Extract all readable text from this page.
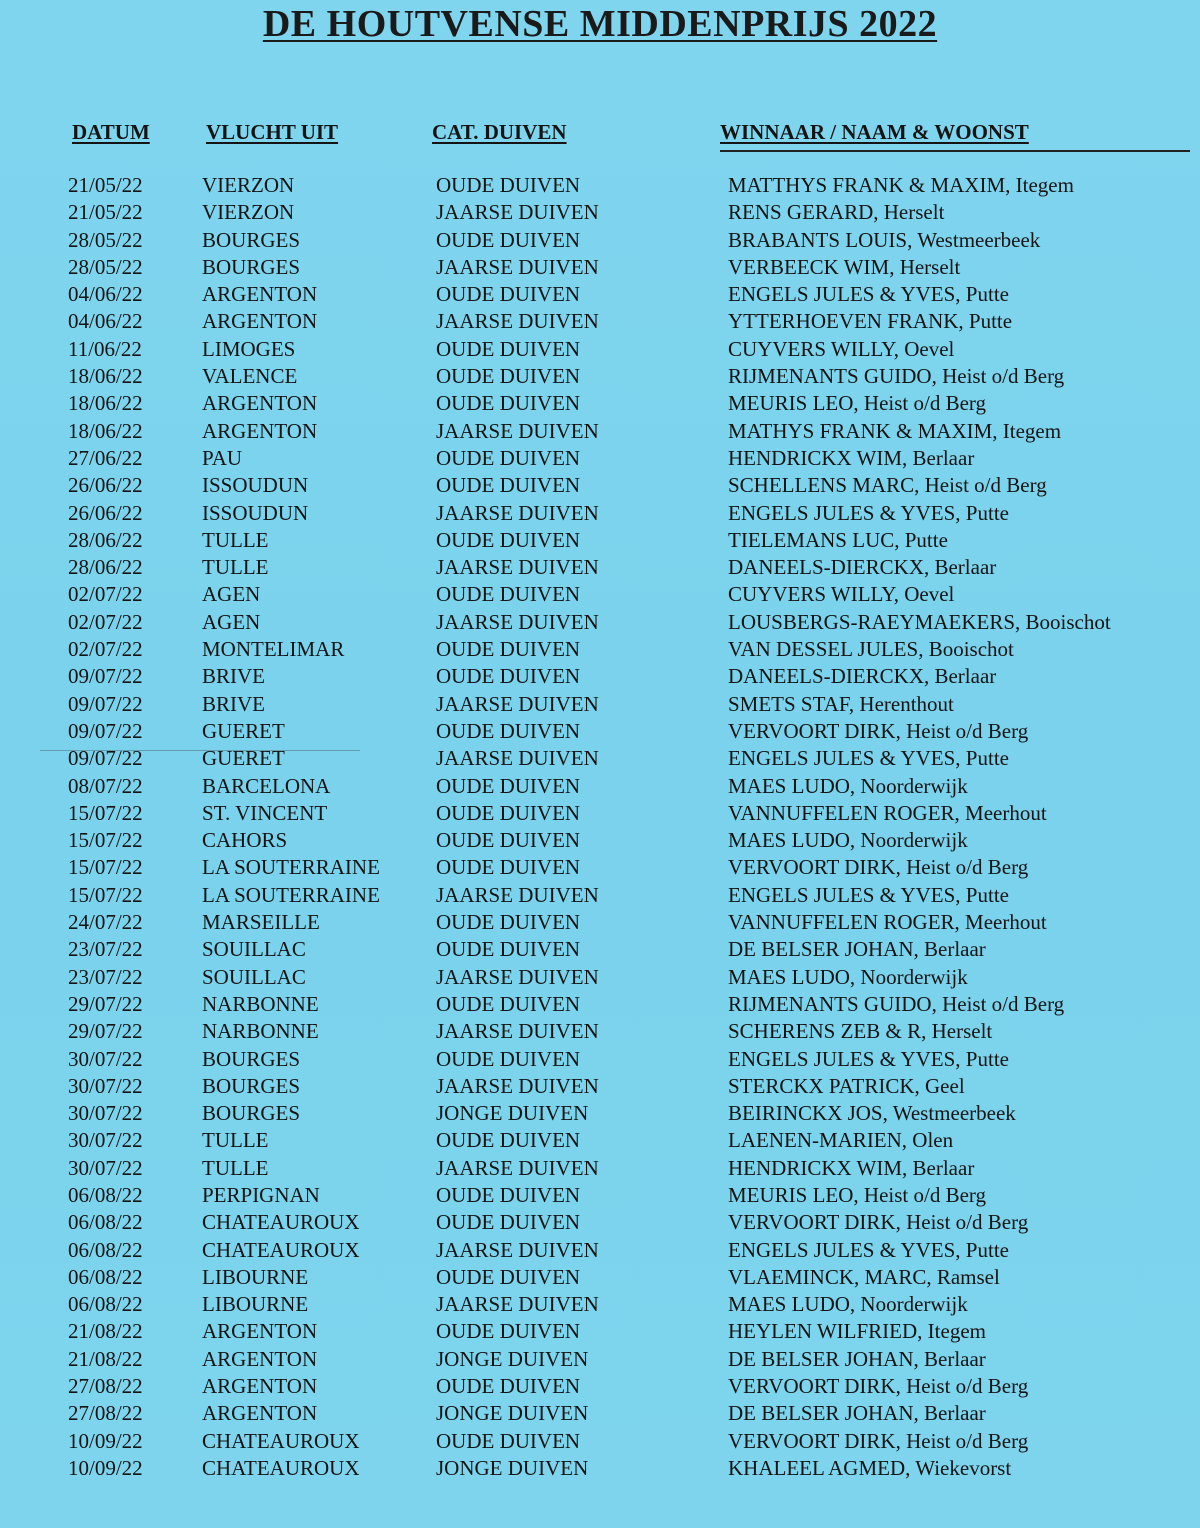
DE HOUTVENSE MIDDENPRIJS 2022
DATUM	VLUCHT UIT	CAT. DUIVEN	WINNAAR / NAAM & WOONST
21/05/22	VIERZON	OUDE DUIVEN	MATTHYS FRANK & MAXIM, Itegem
21/05/22	VIERZON	JAARSE DUIVEN	RENS GERARD, Herselt
28/05/22	BOURGES	OUDE DUIVEN	BRABANTS LOUIS, Westmeerbeek
28/05/22	BOURGES	JAARSE DUIVEN	VERBEECK WIM, Herselt
04/06/22	ARGENTON	OUDE DUIVEN	ENGELS JULES & YVES, Putte
04/06/22	ARGENTON	JAARSE DUIVEN	YTTERHOEVEN FRANK, Putte
11/06/22	LIMOGES	OUDE DUIVEN	CUYVERS WILLY, Oevel
18/06/22	VALENCE	OUDE DUIVEN	RIJMENANTS GUIDO, Heist o/d Berg
18/06/22	ARGENTON	OUDE DUIVEN	MEURIS LEO, Heist o/d Berg
18/06/22	ARGENTON	JAARSE DUIVEN	MATHYS FRANK & MAXIM, Itegem
27/06/22	PAU	OUDE DUIVEN	HENDRICKX WIM, Berlaar
26/06/22	ISSOUDUN	OUDE DUIVEN	SCHELLENS MARC, Heist o/d Berg
26/06/22	ISSOUDUN	JAARSE DUIVEN	ENGELS JULES & YVES, Putte
28/06/22	TULLE	OUDE DUIVEN	TIELEMANS LUC, Putte
28/06/22	TULLE	JAARSE DUIVEN	DANEELS-DIERCKX, Berlaar
02/07/22	AGEN	OUDE DUIVEN	CUYVERS WILLY, Oevel
02/07/22	AGEN	JAARSE DUIVEN	LOUSBERGS-RAEYMAEKERS, Booischot
02/07/22	MONTELIMAR	OUDE DUIVEN	VAN DESSEL JULES, Booischot
09/07/22	BRIVE	OUDE DUIVEN	DANEELS-DIERCKX, Berlaar
09/07/22	BRIVE	JAARSE DUIVEN	SMETS STAF, Herenthout
09/07/22	GUERET	OUDE DUIVEN	VERVOORT DIRK, Heist o/d Berg
09/07/22	GUERET	JAARSE DUIVEN	ENGELS JULES & YVES, Putte
08/07/22	BARCELONA	OUDE DUIVEN	MAES LUDO, Noorderwijk
15/07/22	ST. VINCENT	OUDE DUIVEN	VANNUFFELEN ROGER, Meerhout
15/07/22	CAHORS	OUDE DUIVEN	MAES LUDO, Noorderwijk
15/07/22	LA SOUTERRAINE	OUDE DUIVEN	VERVOORT DIRK, Heist o/d Berg
15/07/22	LA SOUTERRAINE	JAARSE DUIVEN	ENGELS JULES & YVES, Putte
24/07/22	MARSEILLE	OUDE DUIVEN	VANNUFFELEN ROGER, Meerhout
23/07/22	SOUILLAC	OUDE DUIVEN	DE BELSER JOHAN, Berlaar
23/07/22	SOUILLAC	JAARSE DUIVEN	MAES LUDO, Noorderwijk
29/07/22	NARBONNE	OUDE DUIVEN	RIJMENANTS GUIDO, Heist o/d Berg
29/07/22	NARBONNE	JAARSE DUIVEN	SCHERENS ZEB & R, Herselt
30/07/22	BOURGES	OUDE DUIVEN	ENGELS JULES & YVES, Putte
30/07/22	BOURGES	JAARSE DUIVEN	STERCKX PATRICK, Geel
30/07/22	BOURGES	JONGE DUIVEN	BEIRINCKX JOS, Westmeerbeek
30/07/22	TULLE	OUDE DUIVEN	LAENEN-MARIEN, Olen
30/07/22	TULLE	JAARSE DUIVEN	HENDRICKX WIM, Berlaar
06/08/22	PERPIGNAN	OUDE DUIVEN	MEURIS LEO, Heist o/d Berg
06/08/22	CHATEAUROUX	OUDE DUIVEN	VERVOORT DIRK, Heist o/d Berg
06/08/22	CHATEAUROUX	JAARSE DUIVEN	ENGELS JULES & YVES, Putte
06/08/22	LIBOURNE	OUDE DUIVEN	VLAEMINCK, MARC, Ramsel
06/08/22	LIBOURNE	JAARSE DUIVEN	MAES LUDO, Noorderwijk
21/08/22	ARGENTON	OUDE DUIVEN	HEYLEN WILFRIED, Itegem
21/08/22	ARGENTON	JONGE DUIVEN	DE BELSER JOHAN, Berlaar
27/08/22	ARGENTON	OUDE DUIVEN	VERVOORT DIRK, Heist o/d Berg
27/08/22	ARGENTON	JONGE DUIVEN	DE BELSER JOHAN, Berlaar
10/09/22	CHATEAUROUX	OUDE DUIVEN	VERVOORT DIRK, Heist o/d Berg
10/09/22	CHATEAUROUX	JONGE DUIVEN	KHALEEL AGMED, Wiekevorst
